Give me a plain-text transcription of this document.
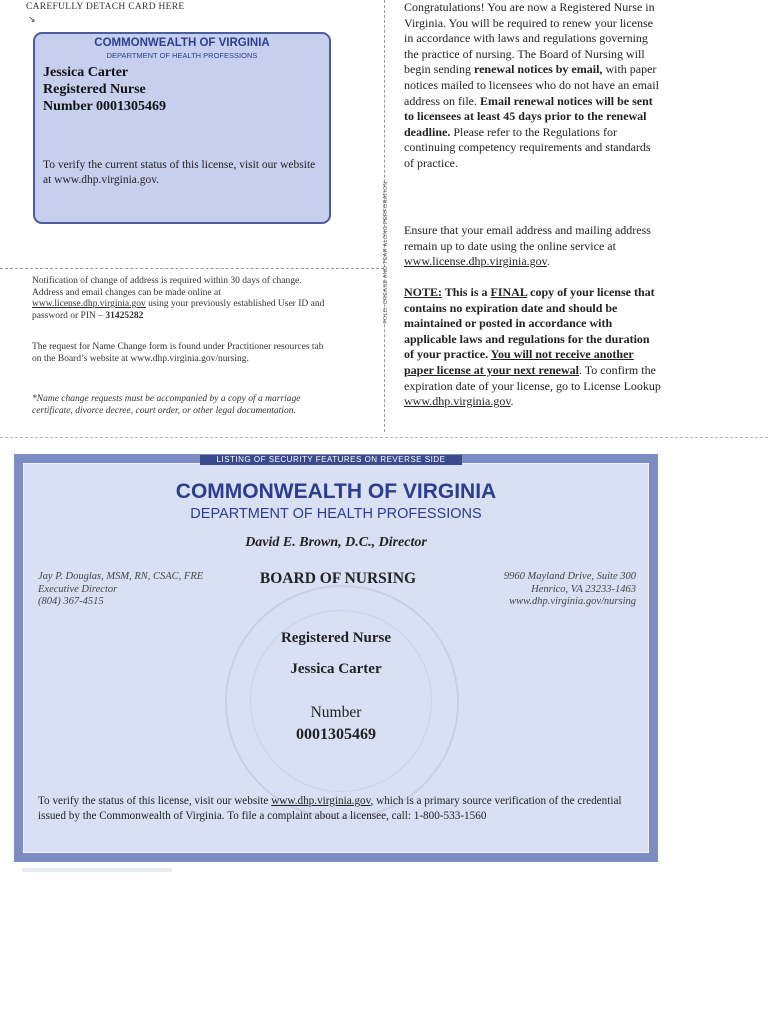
CAREFULLY DETACH CARD HERE
↘
COMMONWEALTH OF VIRGINIA
DEPARTMENT OF HEALTH PROFESSIONS
Jessica Carter
Registered Nurse
Number 0001305469
To verify the current status of this license, visit our website at www.dhp.virginia.gov.
FOLD, CREASE AND TEAR ALONG PERFORATION
Notification of change of address is required within 30 days of change. Address and email changes can be made online at www.license.dhp.virginia.gov using your previously established User ID and password or PIN – 31425282
The request for Name Change form is found under Practitioner resources tab on the Board’s website at www.dhp.virginia.gov/nursing.
*Name change requests must be accompanied by a copy of a marriage certificate, divorce decree, court order, or other legal documentation.
Congratulations! You are now a Registered Nurse in Virginia. You will be required to renew your license in accordance with laws and regulations governing the practice of nursing. The Board of Nursing will begin sending renewal notices by email, with paper notices mailed to licensees who do not have an email address on file. Email renewal notices will be sent to licensees at least 45 days prior to the renewal deadline. Please refer to the Regulations for continuing competency requirements and standards of practice.
Ensure that your email address and mailing address remain up to date using the online service at www.license.dhp.virginia.gov.
NOTE: This is a FINAL copy of your license that contains no expiration date and should be maintained or posted in accordance with applicable laws and regulations for the duration of your practice. You will not receive another paper license at your next renewal. To confirm the expiration date of your license, go to License Lookup www.dhp.virginia.gov.
LISTING OF SECURITY FEATURES ON REVERSE SIDE
COMMONWEALTH OF VIRGINIA
DEPARTMENT OF HEALTH PROFESSIONS
David E. Brown, D.C., Director
BOARD OF NURSING
Jay P. Douglas, MSM, RN, CSAC, FRE
Executive Director
(804) 367-4515
9960 Mayland Drive, Suite 300
Henrico, VA 23233-1463
www.dhp.virginia.gov/nursing
Registered Nurse
Jessica Carter
Number
0001305469
To verify the status of this license, visit our website www.dhp.virginia.gov, which is a primary source verification of the credential issued by the Commonwealth of Virginia. To file a complaint about a licensee, call: 1-800-533-1560
